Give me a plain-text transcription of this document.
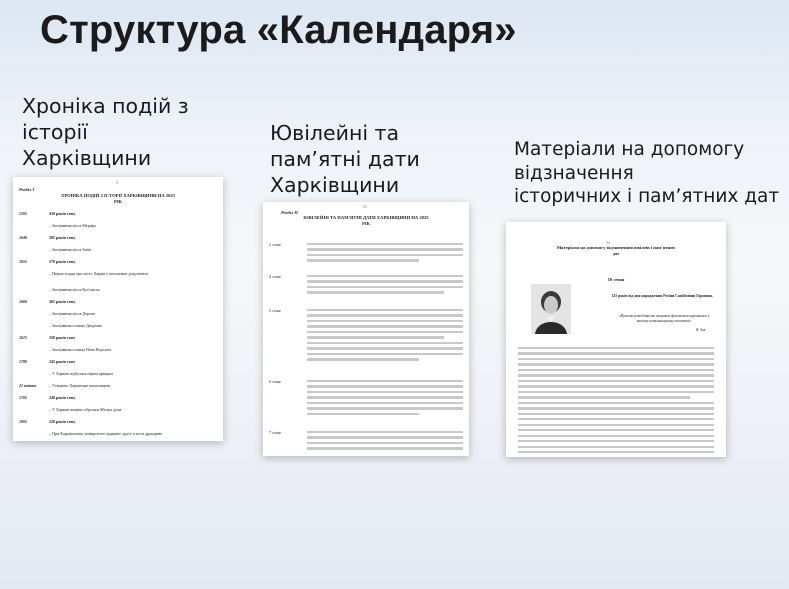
Структура «Календаря»
Хроніка подій з
історії
Харківщини
Ювілейні та
пам’ятні дати
Харківщини
Матеріали на допомогу
відзначення
історичних і пам’ятних дат
5
Розділ І
ХРОНІКА ПОДІЙ З ІСТОРІЇ ХАРКІВЩИНИ НА 2025 РІК
1595	430 років тому
– Заснування міста Мерефа
1640	385 років тому
– Заснування міста Зміїв
1655	370 років тому
– Перша згадка про місто Харків у письмових документах
– Заснування міста Куп’янськ
1660	365 років тому
– Заснування міста Дергачі
– Заснування селища Дворічна
1675	350 років тому
– Заснування селища Нова Водолага
1780	245 років тому
– У Харкові відбулася перша ярмарка
21 квітня	– Утворено Харківське намісництво
1785	240 років тому
– У Харкові вперше обралася Міська дума
1805	220 років тому
– При Харківському університеті відкрито другу в місті друкарню
21
Розділ ІІ
ЮВІЛЕЙНІ ТА ПАМ’ЯТНІ ДАТИ ХАРКІВЩИНИ НА 2025 РІК
2 січня
4 січня
5 січня
6 січня
7 січня
52
Матеріали на допомогу відзначенню ювілеїв і пам’ятних дат
10 січня
125 років від дня народження Регіни Самійлівни Горовиць
«Музична різнобічність яскравим феноменом вирізнялася в нашому начальницькому колективі»
Я. Зак
